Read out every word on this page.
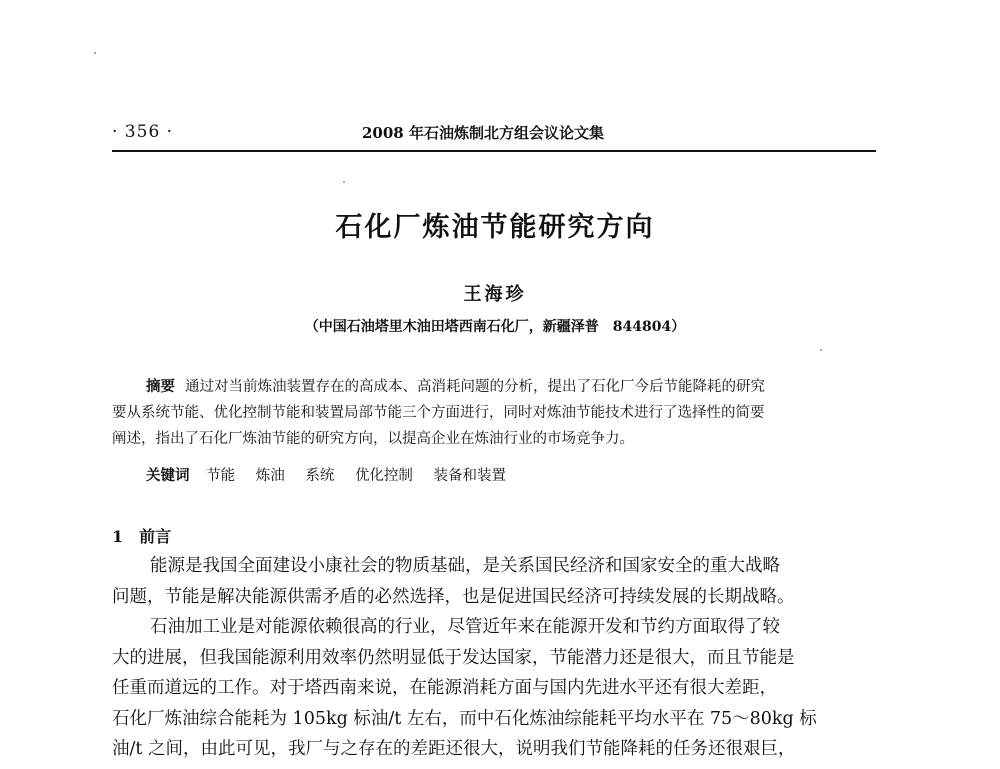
· 356 ·	2008 年石油炼制北方组会议论文集
石化厂炼油节能研究方向
王海珍
（中国石油塔里木油田塔西南石化厂，新疆泽普　844804）
摘要 通过对当前炼油装置存在的高成本、高消耗问题的分析，提出了石化厂今后节能降耗的研究
要从系统节能、优化控制节能和装置局部节能三个方面进行，同时对炼油节能技术进行了选择性的简要
阐述，指出了石化厂炼油节能的研究方向，以提高企业在炼油行业的市场竞争力。
关键词 节能 炼油 系统 优化控制 装备和装置
1 前言
能源是我国全面建设小康社会的物质基础，是关系国民经济和国家安全的重大战略
问题，节能是解决能源供需矛盾的必然选择，也是促进国民经济可持续发展的长期战略。
石油加工业是对能源依赖很高的行业，尽管近年来在能源开发和节约方面取得了较
大的进展，但我国能源利用效率仍然明显低于发达国家，节能潜力还是很大，而且节能是
任重而道远的工作。对于塔西南来说，在能源消耗方面与国内先进水平还有很大差距，
石化厂炼油综合能耗为 105kg 标油/t 左右，而中石化炼油综能耗平均水平在 75～80kg 标
油/t 之间，由此可见，我厂与之存在的差距还很大，说明我们节能降耗的任务还很艰巨，
